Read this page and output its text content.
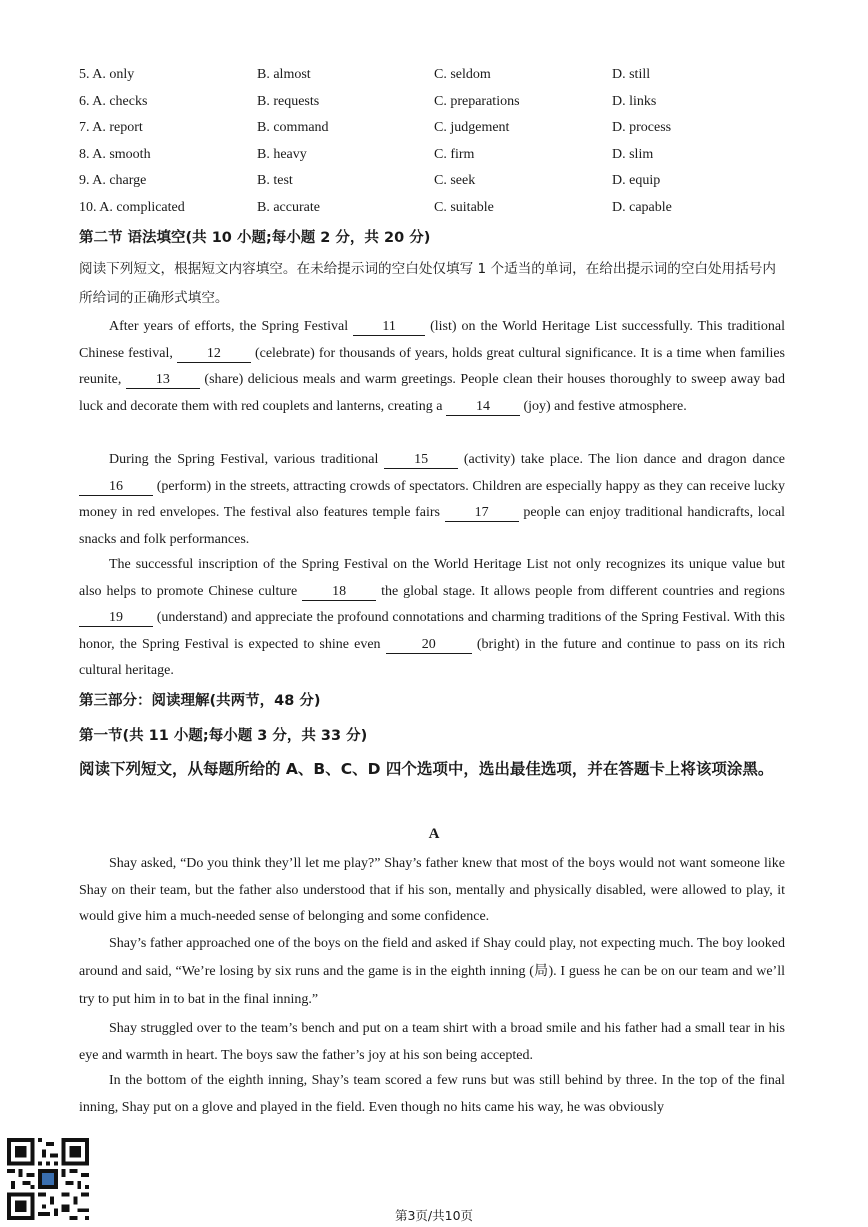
5. A. only	B. almost	C. seldom	D. still
6. A. checks	B. requests	C. preparations	D. links
7. A. report	B. command	C. judgement	D. process
8. A. smooth	B. heavy	C. firm	D. slim
9. A. charge	B. test	C. seek	D. equip
10. A. complicated	B. accurate	C. suitable	D. capable
第二节 语法填空(共 10 小题;每小题 2 分，共 20 分)
阅读下列短文，根据短文内容填空。在未给提示词的空白处仅填写 1 个适当的单词，在给出提示词的空白处用括号内所给词的正确形式填空。
After years of efforts, the Spring Festival 11 (list) on the World Heritage List successfully. This traditional Chinese festival, 12 (celebrate) for thousands of years, holds great cultural significance. It is a time when families reunite, 13 (share) delicious meals and warm greetings. People clean their houses thoroughly to sweep away bad luck and decorate them with red couplets and lanterns, creating a 14 (joy) and festive atmosphere.
During the Spring Festival, various traditional 15 (activity) take place. The lion dance and dragon dance 16 (perform) in the streets, attracting crowds of spectators. Children are especially happy as they can receive lucky money in red envelopes. The festival also features temple fairs 17 people can enjoy traditional handicrafts, local snacks and folk performances.
The successful inscription of the Spring Festival on the World Heritage List not only recognizes its unique value but also helps to promote Chinese culture 18 the global stage. It allows people from different countries and regions 19 (understand) and appreciate the profound connotations and charming traditions of the Spring Festival. With this honor, the Spring Festival is expected to shine even	20	(bright) in the future and continue to pass on its rich cultural heritage.
第三部分：阅读理解(共两节，48 分)
第一节(共 11 小题;每小题 3 分，共 33 分)
阅读下列短文，从每题所给的 A、B、C、D 四个选项中，选出最佳选项，并在答题卡上将该项涂黑。
A
Shay asked, “Do you think they’ll let me play?” Shay’s father knew that most of the boys would not want someone like Shay on their team, but the father also understood that if his son, mentally and physically disabled, were allowed to play, it would give him a much-needed sense of belonging and some confidence.
Shay’s father approached one of the boys on the field and asked if Shay could play, not expecting much. The boy looked around and said, “We’re losing by six runs and the game is in the eighth inning (局). I guess he can be on our team and we’ll try to put him in to bat in the final inning.”
Shay struggled over to the team’s bench and put on a team shirt with a broad smile and his father had a small tear in his eye and warmth in heart. The boys saw the father’s joy at his son being accepted.
In the bottom of the eighth inning, Shay’s team scored a few runs but was still behind by three. In the top of the final inning, Shay put on a glove and played in the field. Even though no hits came his way, he was obviously
第3页/共10页
